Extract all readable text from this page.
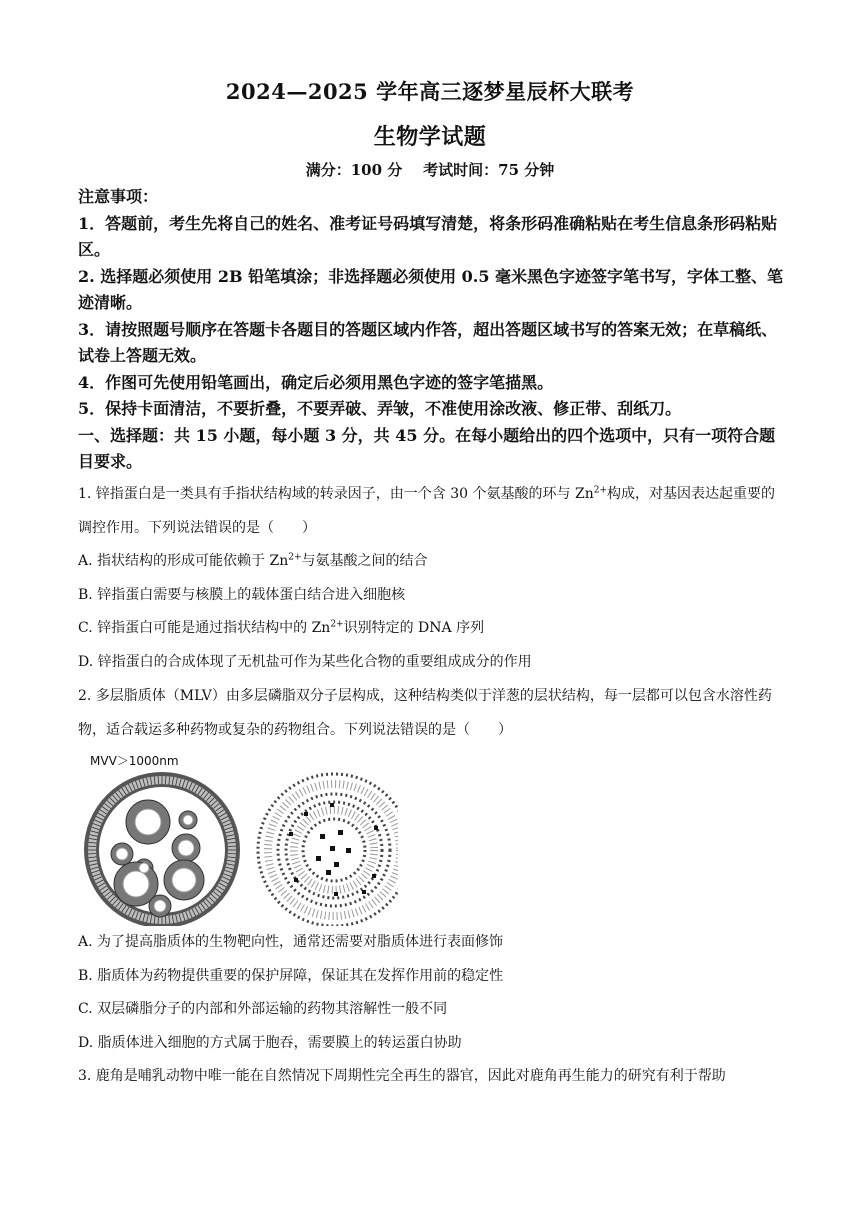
2024—2025 学年高三逐梦星辰杯大联考
生物学试题
满分：100 分    考试时间：75 分钟
注意事项：
1．答题前，考生先将自己的姓名、准考证号码填写清楚，将条形码准确粘贴在考生信息条形码粘贴区。
2. 选择题必须使用 2B 铅笔填涂；非选择题必须使用 0.5 毫米黑色字迹签字笔书写，字体工整、笔迹清晰。
3．请按照题号顺序在答题卡各题目的答题区域内作答，超出答题区域书写的答案无效；在草稿纸、试卷上答题无效。
4．作图可先使用铅笔画出，确定后必须用黑色字迹的签字笔描黑。
5．保持卡面清洁，不要折叠，不要弄破、弄皱，不准使用涂改液、修正带、刮纸刀。
一、选择题：共 15 小题，每小题 3 分，共 45 分。在每小题给出的四个选项中，只有一项符合题目要求。
1. 锌指蛋白是一类具有手指状结构域的转录因子，由一个含 30 个氨基酸的环与 $Zn^{2+}$构成，对基因表达起重要的调控作用。下列说法错误的是（　　）
A. 指状结构的形成可能依赖于 $Zn^{2+}$与氨基酸之间的结合
B. 锌指蛋白需要与核膜上的载体蛋白结合进入细胞核
C. 锌指蛋白可能是通过指状结构中的 $Zn^{2+}$识别特定的 DNA 序列
D. 锌指蛋白的合成体现了无机盐可作为某些化合物的重要组成成分的作用
2. 多层脂质体（MLV）由多层磷脂双分子层构成，这种结构类似于洋葱的层状结构，每一层都可以包含水溶性药物，适合载运多种药物或复杂的药物组合。下列说法错误的是（　　）
MVV＞1000nm
A. 为了提高脂质体的生物靶向性，通常还需要对脂质体进行表面修饰
B. 脂质体为药物提供重要的保护屏障，保证其在发挥作用前的稳定性
C. 双层磷脂分子的内部和外部运输的药物其溶解性一般不同
D. 脂质体进入细胞的方式属于胞吞，需要膜上的转运蛋白协助
3. 鹿角是哺乳动物中唯一能在自然情况下周期性完全再生的器官，因此对鹿角再生能力的研究有利于帮助
